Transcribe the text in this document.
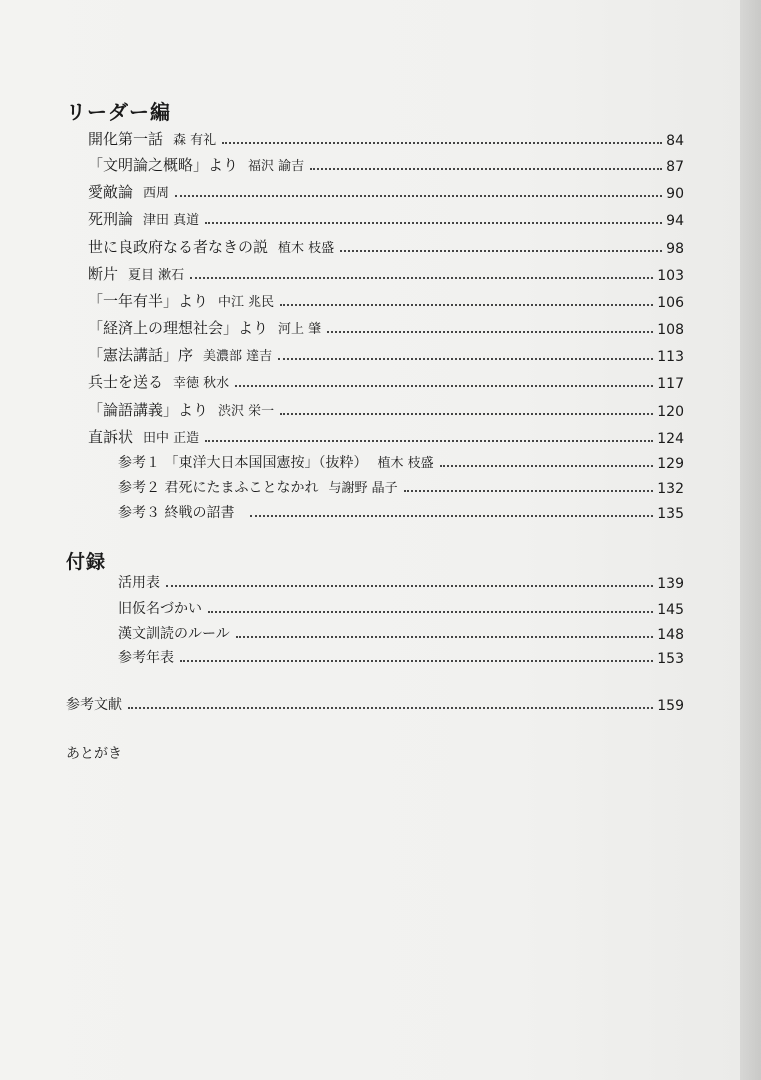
リーダー編
開化第一話 森 有礼	84
「文明論之概略」より 福沢 諭吉	87
愛敵論 西周	90
死刑論 津田 真道	94
世に良政府なる者なきの説 植木 枝盛	98
断片 夏目 漱石	103
「一年有半」より 中江 兆民	106
「経済上の理想社会」より 河上 肇	108
「憲法講話」序 美濃部 達吉	113
兵士を送る 幸徳 秋水	117
「論語講義」より 渋沢 栄一	120
直訴状 田中 正造	124
参考１ 「東洋大日本国国憲按」（抜粋） 植木 枝盛	129
参考２ 君死にたまふことなかれ 与謝野 晶子	132
参考３ 終戦の詔書	135
付録
活用表	139
旧仮名づかい	145
漢文訓読のルール	148
参考年表	153
参考文献	159
あとがき
